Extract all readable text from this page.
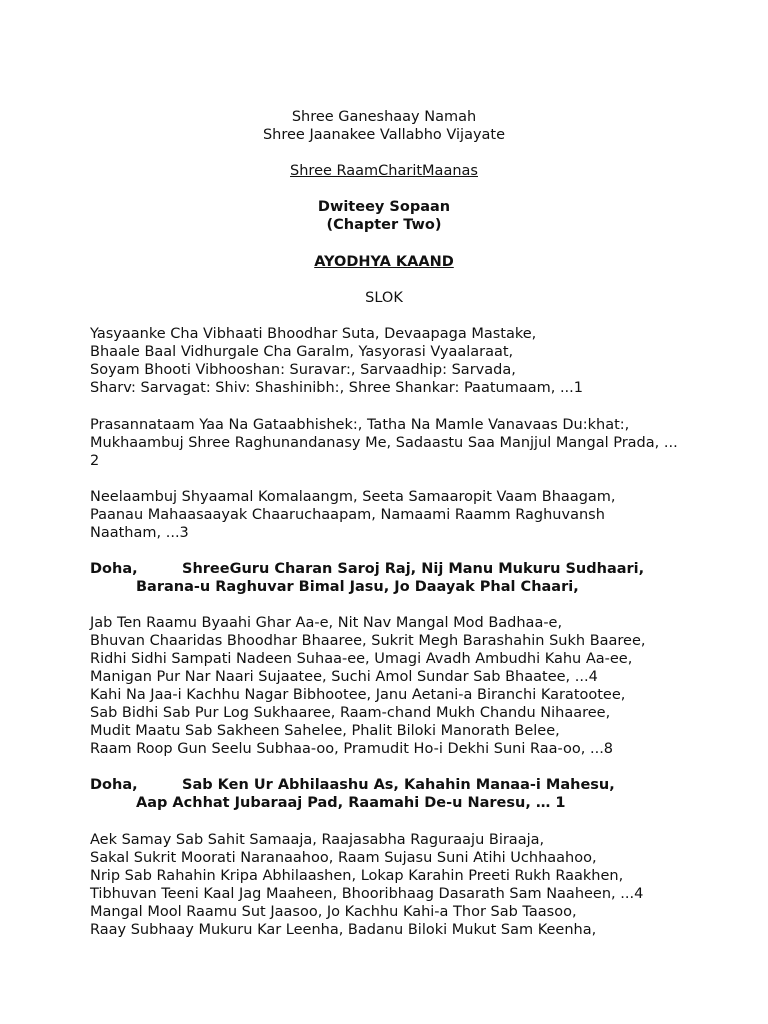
Shree Ganeshaay Namah
Shree Jaanakee Vallabho Vijayate
Shree RaamCharitMaanas
Dwiteey Sopaan
(Chapter Two)
AYODHYA KAAND
SLOK
Yasyaanke Cha Vibhaati Bhoodhar Suta, Devaapaga Mastake,
Bhaale Baal Vidhurgale Cha Garalm, Yasyorasi Vyaalaraat,
Soyam Bhooti Vibhooshan: Suravar:, Sarvaadhip: Sarvada,
Sharv: Sarvagat: Shiv: Shashinibh:, Shree Shankar: Paatumaam, ...1
Prasannataam Yaa Na Gataabhishek:, Tatha Na Mamle Vanavaas Du:khat:,
Mukhaambuj Shree Raghunandanasy Me, Sadaastu Saa Manjjul Mangal Prada, ...
2
Neelaambuj Shyaamal Komalaangm, Seeta Samaaropit Vaam Bhaagam,
Paanau Mahaasaayak Chaaruchaapam, Namaami Raamm Raghuvansh
Naatham, ...3
Doha,	ShreeGuru Charan Saroj Raj, Nij Manu Mukuru Sudhaari,
Barana-u Raghuvar Bimal Jasu, Jo Daayak Phal Chaari,
Jab Ten Raamu Byaahi Ghar Aa-e, Nit Nav Mangal Mod Badhaa-e,
Bhuvan Chaaridas Bhoodhar Bhaaree, Sukrit Megh Barashahin Sukh Baaree,
Ridhi Sidhi Sampati Nadeen Suhaa-ee, Umagi Avadh Ambudhi Kahu Aa-ee,
Manigan Pur Nar Naari Sujaatee, Suchi Amol Sundar Sab Bhaatee, ...4
Kahi Na Jaa-i Kachhu Nagar Bibhootee, Janu Aetani-a Biranchi Karatootee,
Sab Bidhi Sab Pur Log Sukhaaree, Raam-chand Mukh Chandu Nihaaree,
Mudit Maatu Sab Sakheen Sahelee, Phalit Biloki Manorath Belee,
Raam Roop Gun Seelu Subhaa-oo, Pramudit Ho-i Dekhi Suni Raa-oo, ...8
Doha,	Sab Ken Ur Abhilaashu As, Kahahin Manaa-i Mahesu,
Aap Achhat Jubaraaj Pad, Raamahi De-u Naresu, … 1
Aek Samay Sab Sahit Samaaja, Raajasabha Raguraaju Biraaja,
Sakal Sukrit Moorati Naranaahoo, Raam Sujasu Suni Atihi Uchhaahoo,
Nrip Sab Rahahin Kripa Abhilaashen, Lokap Karahin Preeti Rukh Raakhen,
Tibhuvan Teeni Kaal Jag Maaheen, Bhooribhaag Dasarath Sam Naaheen, ...4
Mangal Mool Raamu Sut Jaasoo, Jo Kachhu Kahi-a Thor Sab Taasoo,
Raay Subhaay Mukuru Kar Leenha, Badanu Biloki Mukut Sam Keenha,
